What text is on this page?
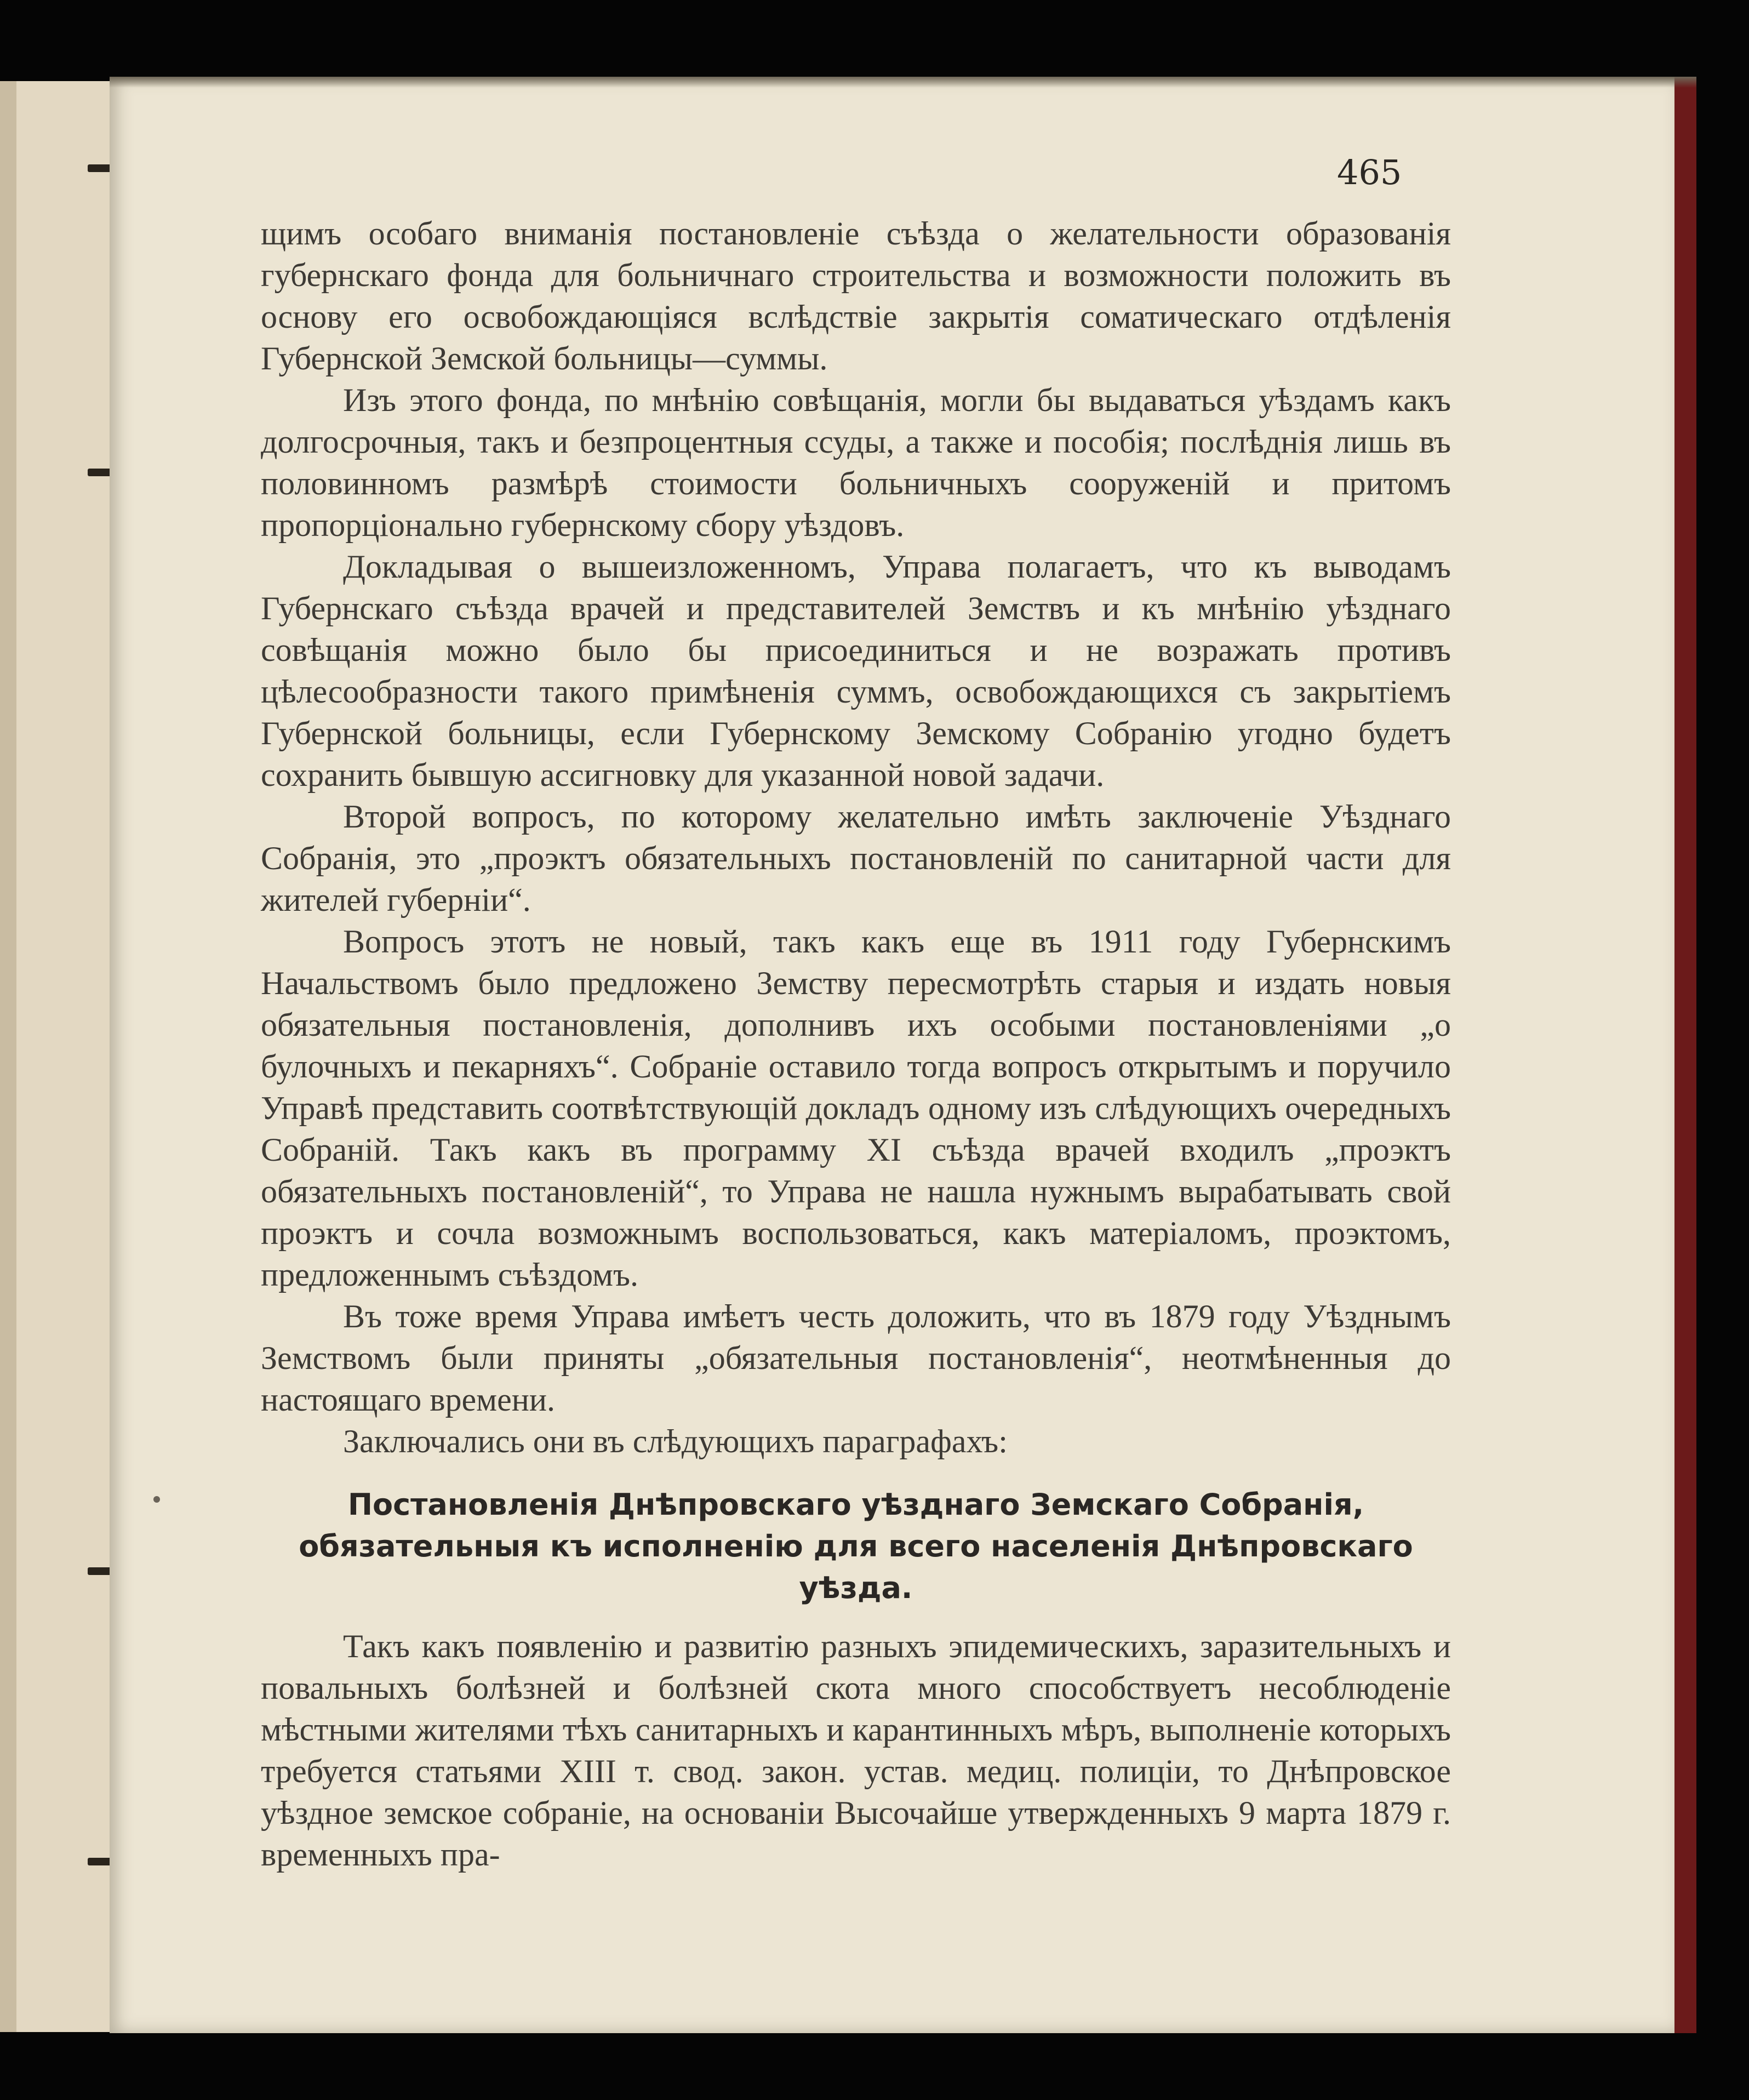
465

щимъ особаго вниманія постановленіе съѣзда о желательности образованія губернскаго фонда для больничнаго строительства и возможности положить въ основу его освобождающіяся вслѣдствіе закрытія соматическаго отдѣленія Губернской Земской больницы—суммы.

Изъ этого фонда, по мнѣнію совѣщанія, могли бы выдаваться уѣздамъ какъ долгосрочныя, такъ и безпроцентныя ссуды, а также и пособія; послѣднія лишь въ половинномъ размѣрѣ стоимости больничныхъ сооруженій и притомъ пропорціонально губернскому сбору уѣздовъ.

Докладывая о вышеизложенномъ, Управа полагаетъ, что къ выводамъ Губернскаго съѣзда врачей и представителей Земствъ и къ мнѣнію уѣзднаго совѣщанія можно было бы присоединиться и не возражать противъ цѣлесообразности такого примѣненія суммъ, освобождающихся съ закрытіемъ Губернской больницы, если Губернскому Земскому Собранію угодно будетъ сохранить бывшую ассигновку для указанной новой задачи.

Второй вопросъ, по которому желательно имѣть заключеніе Уѣзднаго Собранія, это „проэктъ обязательныхъ постановленій по санитарной части для жителей губерніи“.

Вопросъ этотъ не новый, такъ какъ еще въ 1911 году Губернскимъ Начальствомъ было предложено Земству пересмотрѣть старыя и издать новыя обязательныя постановленія, дополнивъ ихъ особыми постановленіями „о булочныхъ и пекарняхъ“. Собраніе оставило тогда вопросъ открытымъ и поручило Управѣ представить соотвѣтствующій докладъ одному изъ слѣдующихъ очередныхъ Собраній. Такъ какъ въ программу XI съѣзда врачей входилъ „проэктъ обязательныхъ постановленій“, то Управа не нашла нужнымъ вырабатывать свой проэктъ и сочла возможнымъ воспользоваться, какъ матеріаломъ, проэктомъ, предложеннымъ съѣздомъ.

Въ тоже время Управа имѣетъ честь доложить, что въ 1879 году Уѣзднымъ Земствомъ были приняты „обязательныя постановленія“, неотмѣненныя до настоящаго времени.

Заключались они въ слѣдующихъ параграфахъ:

Постановленія Днѣпровскаго уѣзднаго Земскаго Собранія, обязательныя къ исполненію для всего населенія Днѣпровскаго уѣзда.

Такъ какъ появленію и развитію разныхъ эпидемическихъ, заразительныхъ и повальныхъ болѣзней и болѣзней скота много способствуетъ несоблюденіе мѣстными жителями тѣхъ санитарныхъ и карантинныхъ мѣръ, выполненіе которыхъ требуется статьями XIII т. свод. закон. устав. медиц. полиціи, то Днѣпровское уѣздное земское собраніе, на основаніи Высочайше утвержденныхъ 9 марта 1879 г. временныхъ пра-
